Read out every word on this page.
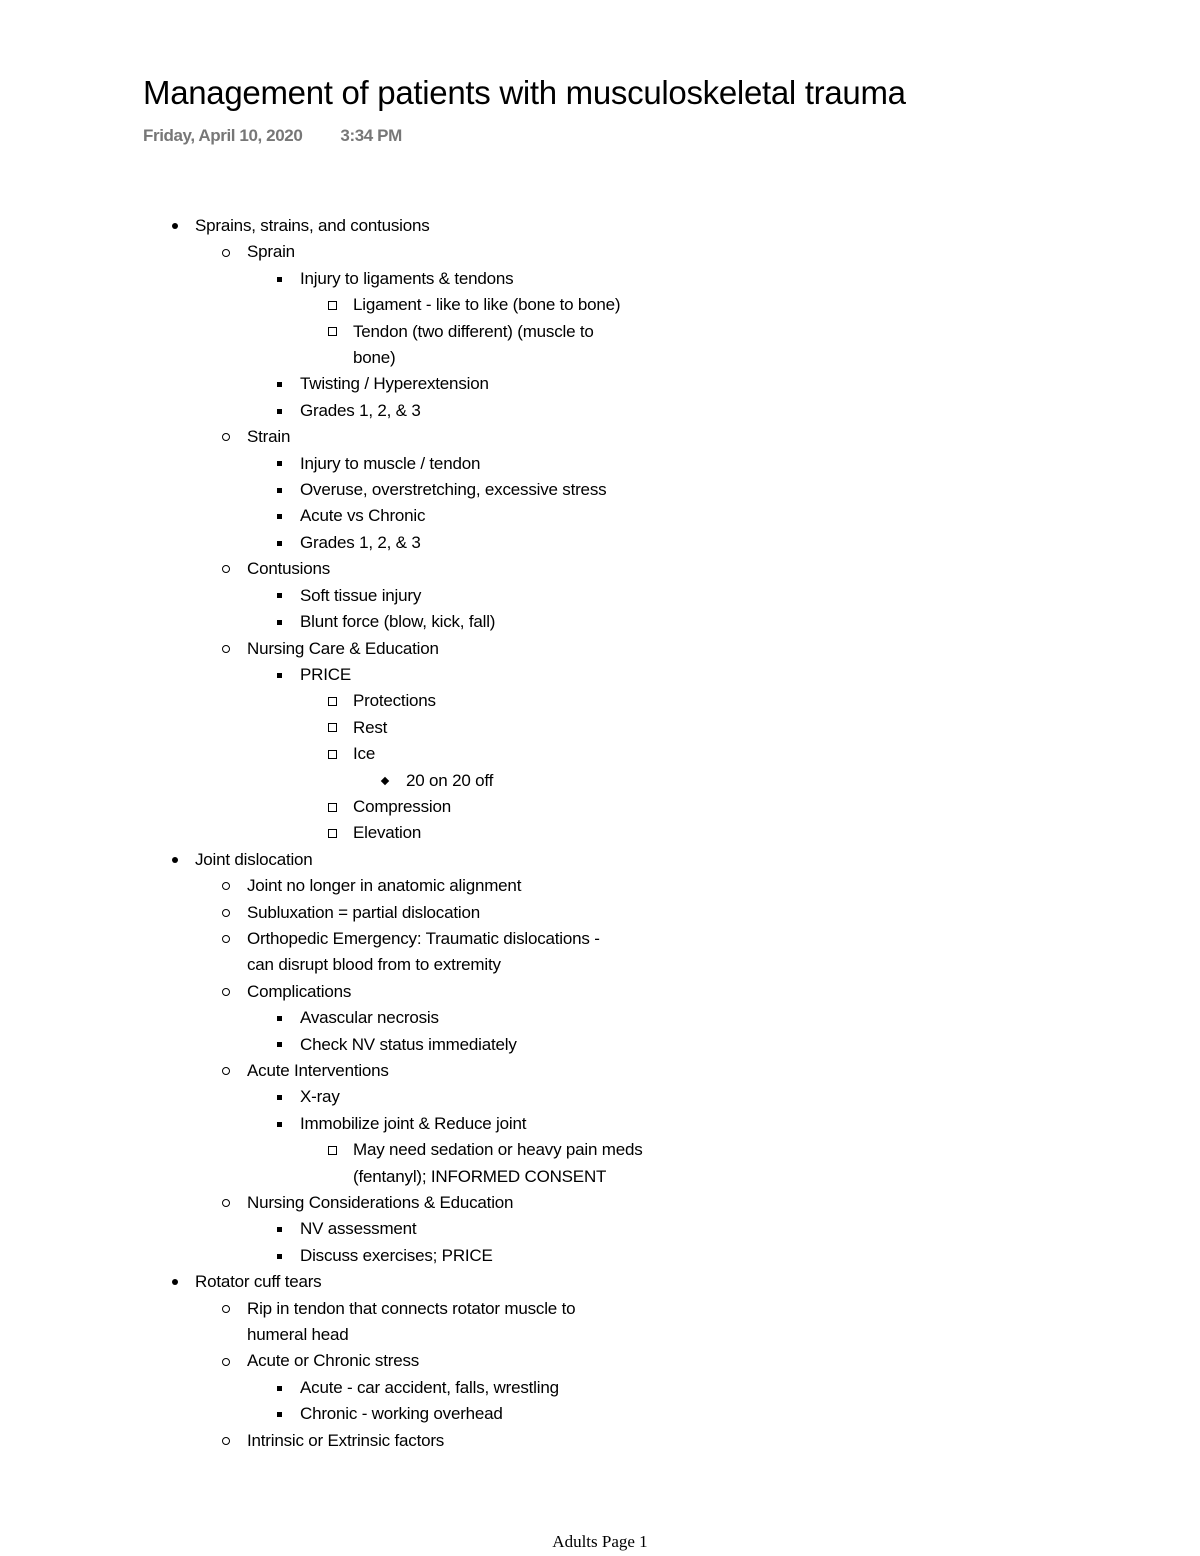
Management of patients with musculoskeletal trauma
Friday, April 10, 2020 3:34 PM
Sprains, strains, and contusions
Sprain
Injury to ligaments & tendons
Ligament - like to like (bone to bone)
Tendon (two different) (muscle to
bone)
Twisting / Hyperextension
Grades 1, 2, & 3
Strain
Injury to muscle / tendon
Overuse, overstretching, excessive stress
Acute vs Chronic
Grades 1, 2, & 3
Contusions
Soft tissue injury
Blunt force (blow, kick, fall)
Nursing Care & Education
PRICE
Protections
Rest
Ice
20 on 20 off
Compression
Elevation
Joint dislocation
Joint no longer in anatomic alignment
Subluxation = partial dislocation
Orthopedic Emergency: Traumatic dislocations -
can disrupt blood from to extremity
Complications
Avascular necrosis
Check NV status immediately
Acute Interventions
X-ray
Immobilize joint & Reduce joint
May need sedation or heavy pain meds
(fentanyl); INFORMED CONSENT
Nursing Considerations & Education
NV assessment
Discuss exercises; PRICE
Rotator cuff tears
Rip in tendon that connects rotator muscle to
humeral head
Acute or Chronic stress
Acute - car accident, falls, wrestling
Chronic - working overhead
Intrinsic or Extrinsic factors
Adults Page 1
